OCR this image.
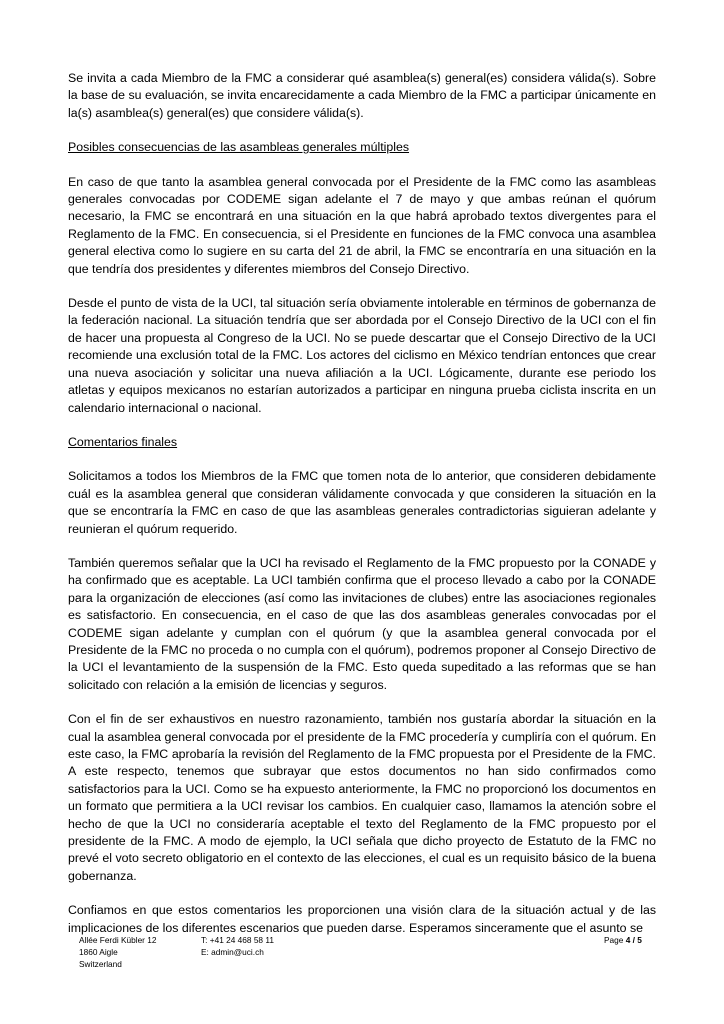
Se invita a cada Miembro de la FMC a considerar qué asamblea(s) general(es) considera válida(s). Sobre la base de su evaluación, se invita encarecidamente a cada Miembro de la FMC a participar únicamente en la(s) asamblea(s) general(es) que considere válida(s).

Posibles consecuencias de las asambleas generales múltiples

En caso de que tanto la asamblea general convocada por el Presidente de la FMC como las asambleas generales convocadas por CODEME sigan adelante el 7 de mayo y que ambas reúnan el quórum necesario, la FMC se encontrará en una situación en la que habrá aprobado textos divergentes para el Reglamento de la FMC. En consecuencia, si el Presidente en funciones de la FMC convoca una asamblea general electiva como lo sugiere en su carta del 21 de abril, la FMC se encontraría en una situación en la que tendría dos presidentes y diferentes miembros del Consejo Directivo.

Desde el punto de vista de la UCI, tal situación sería obviamente intolerable en términos de gobernanza de la federación nacional. La situación tendría que ser abordada por el Consejo Directivo de la UCI con el fin de hacer una propuesta al Congreso de la UCI. No se puede descartar que el Consejo Directivo de la UCI recomiende una exclusión total de la FMC. Los actores del ciclismo en México tendrían entonces que crear una nueva asociación y solicitar una nueva afiliación a la UCI. Lógicamente, durante ese periodo los atletas y equipos mexicanos no estarían autorizados a participar en ninguna prueba ciclista inscrita en un calendario internacional o nacional.

Comentarios finales

Solicitamos a todos los Miembros de la FMC que tomen nota de lo anterior, que consideren debidamente cuál es la asamblea general que consideran válidamente convocada y que consideren la situación en la que se encontraría la FMC en caso de que las asambleas generales contradictorias siguieran adelante y reunieran el quórum requerido.

También queremos señalar que la UCI ha revisado el Reglamento de la FMC propuesto por la CONADE y ha confirmado que es aceptable. La UCI también confirma que el proceso llevado a cabo por la CONADE para la organización de elecciones (así como las invitaciones de clubes) entre las asociaciones regionales es satisfactorio. En consecuencia, en el caso de que las dos asambleas generales convocadas por el CODEME sigan adelante y cumplan con el quórum (y que la asamblea general convocada por el Presidente de la FMC no proceda o no cumpla con el quórum), podremos proponer al Consejo Directivo de la UCI el levantamiento de la suspensión de la FMC. Esto queda supeditado a las reformas que se han solicitado con relación a la emisión de licencias y seguros.

Con el fin de ser exhaustivos en nuestro razonamiento, también nos gustaría abordar la situación en la cual la asamblea general convocada por el presidente de la FMC procedería y cumpliría con el quórum. En este caso, la FMC aprobaría la revisión del Reglamento de la FMC propuesta por el Presidente de la FMC. A este respecto, tenemos que subrayar que estos documentos no han sido confirmados como satisfactorios para la UCI. Como se ha expuesto anteriormente, la FMC no proporcionó los documentos en un formato que permitiera a la UCI revisar los cambios. En cualquier caso, llamamos la atención sobre el hecho de que la UCI no consideraría aceptable el texto del Reglamento de la FMC propuesto por el presidente de la FMC. A modo de ejemplo, la UCI señala que dicho proyecto de Estatuto de la FMC no prevé el voto secreto obligatorio en el contexto de las elecciones, el cual es un requisito básico de la buena gobernanza.

Confiamos en que estos comentarios les proporcionen una visión clara de la situación actual y de las implicaciones de los diferentes escenarios que pueden darse. Esperamos sinceramente que el asunto se

Allée Ferdi Kübler 12
1860 Aigle
Switzerland
T: +41 24 468 58 11
E: admin@uci.ch
Page 4 / 5
